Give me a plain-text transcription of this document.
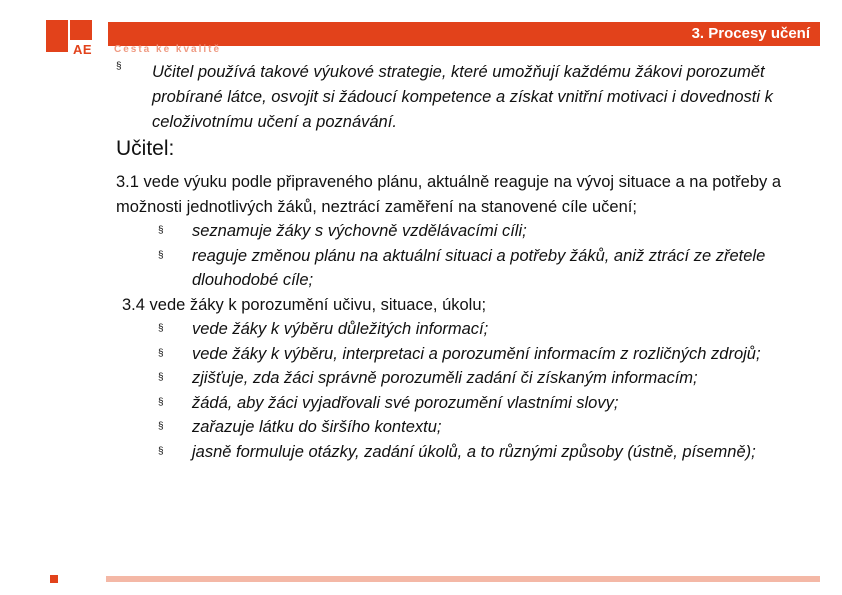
AE
3. Procesy učení
Cesta ke kvalitě
§ Učitel používá takové výukové strategie, které umožňují každému žákovi porozumět probírané látce, osvojit si žádoucí kompetence a získat vnitřní motivaci i dovednosti k celoživotnímu učení a poznávání.
Učitel:
3.1 vede výuku podle připraveného plánu, aktuálně reaguje na vývoj situace a na potřeby a možnosti jednotlivých žáků, neztrácí zaměření na stanovené cíle učení;
§ seznamuje žáky s výchovně vzdělávacími cíli;
§ reaguje změnou plánu na aktuální situaci a potřeby žáků, aniž ztrácí ze zřetele dlouhodobé cíle;
3.4 vede žáky k porozumění učivu, situace, úkolu;
§ vede žáky k výběru důležitých informací;
§ vede žáky k výběru, interpretaci a porozumění informacím z rozličných zdrojů;
§ zjišťuje, zda žáci správně porozuměli zadání či získaným informacím;
§ žádá, aby žáci vyjadřovali své porozumění vlastními slovy;
§ zařazuje látku do širšího kontextu;
§ jasně formuluje otázky, zadání úkolů, a to různými způsoby (ústně, písemně);
